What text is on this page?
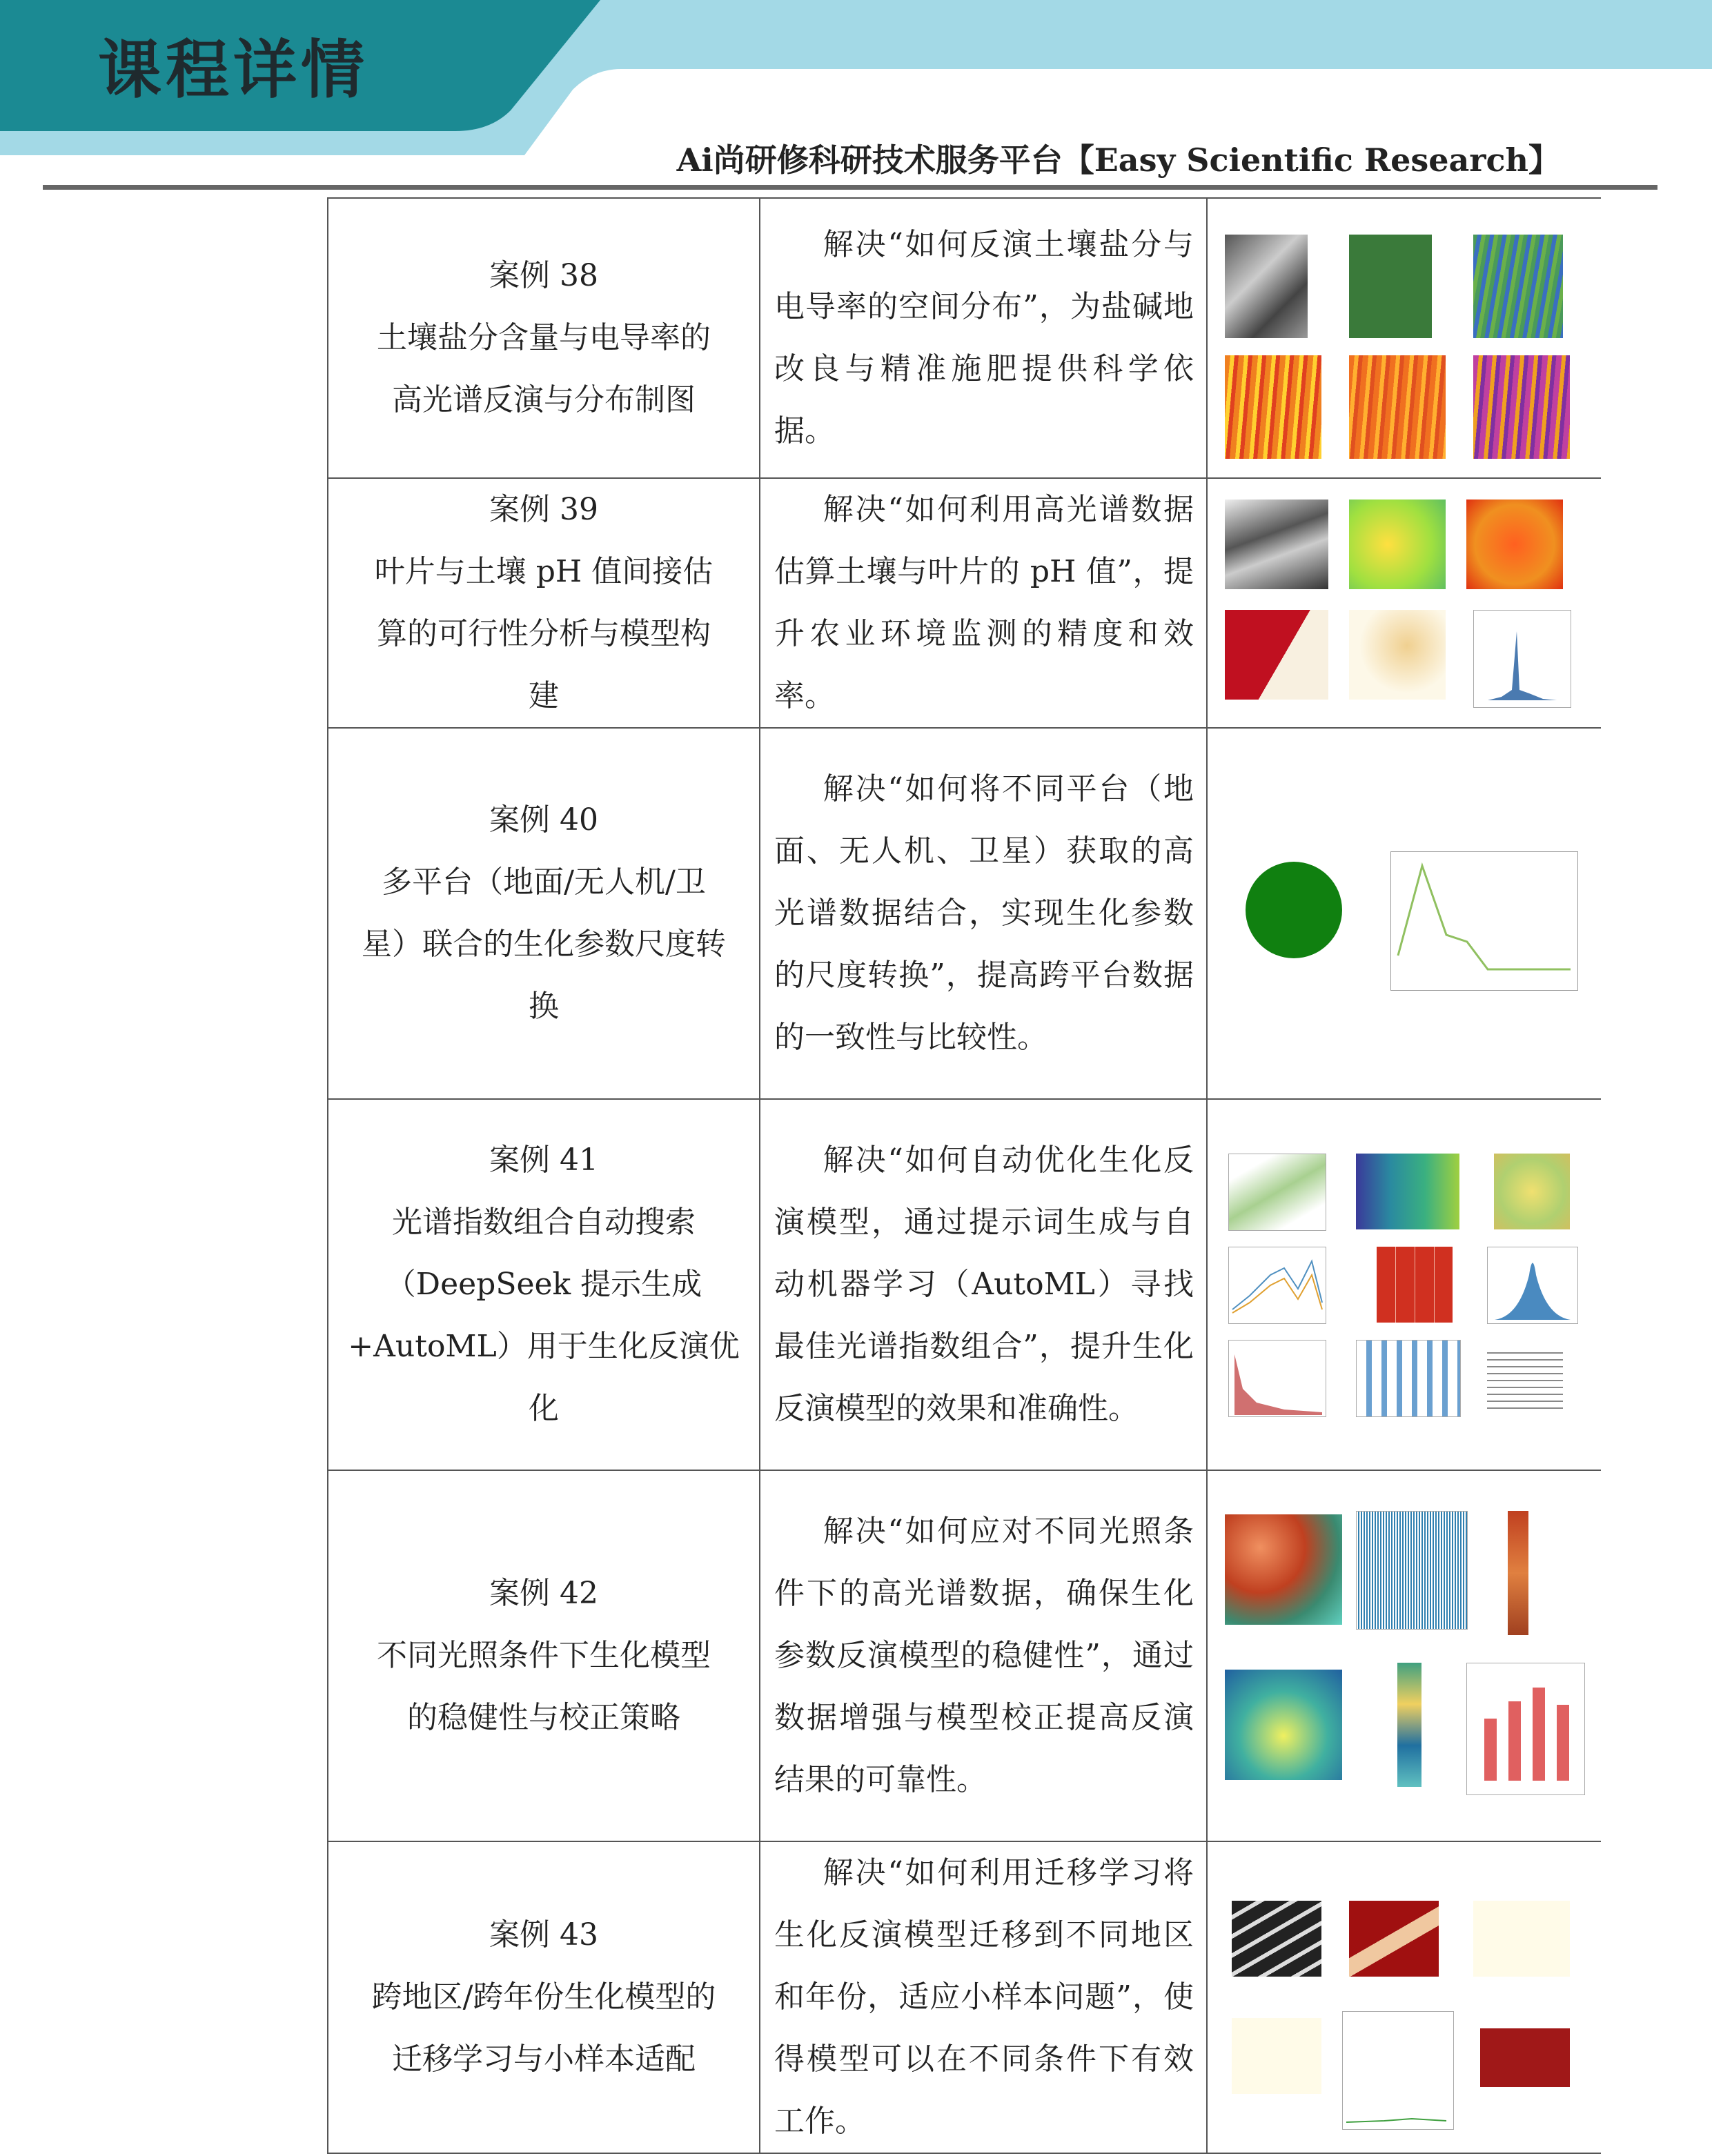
课程详情
Ai尚研修科研技术服务平台【Easy Scientific Research】
案例 38
土壤盐分含量与电导率的
高光谱反演与分布制图	解决“如何反演土壤盐分与电导率的空间分布”，为盐碱地改良与精准施肥提供科学依据。	

案例 39
叶片与土壤 pH 值间接估
算的可行性分析与模型构
建	解决“如何利用高光谱数据估算土壤与叶片的 pH 值”，提升农业环境监测的精度和效率。	

案例 40
多平台（地面/无人机/卫
星）联合的生化参数尺度转
换	解决“如何将不同平台（地面、无人机、卫星）获取的高光谱数据结合，实现生化参数的尺度转换”，提高跨平台数据的一致性与比较性。	

案例 41
光谱指数组合自动搜索
（DeepSeek 提示生成
+AutoML）用于生化反演优
化	解决“如何自动优化生化反演模型，通过提示词生成与自动机器学习（AutoML）寻找最佳光谱指数组合”，提升生化反演模型的效果和准确性。	

案例 42
不同光照条件下生化模型
的稳健性与校正策略	解决“如何应对不同光照条件下的高光谱数据，确保生化参数反演模型的稳健性”，通过数据增强与模型校正提高反演结果的可靠性。	

案例 43
跨地区/跨年份生化模型的
迁移学习与小样本适配	解决“如何利用迁移学习将生化反演模型迁移到不同地区和年份，适应小样本问题”，使得模型可以在不同条件下有效工作。	
